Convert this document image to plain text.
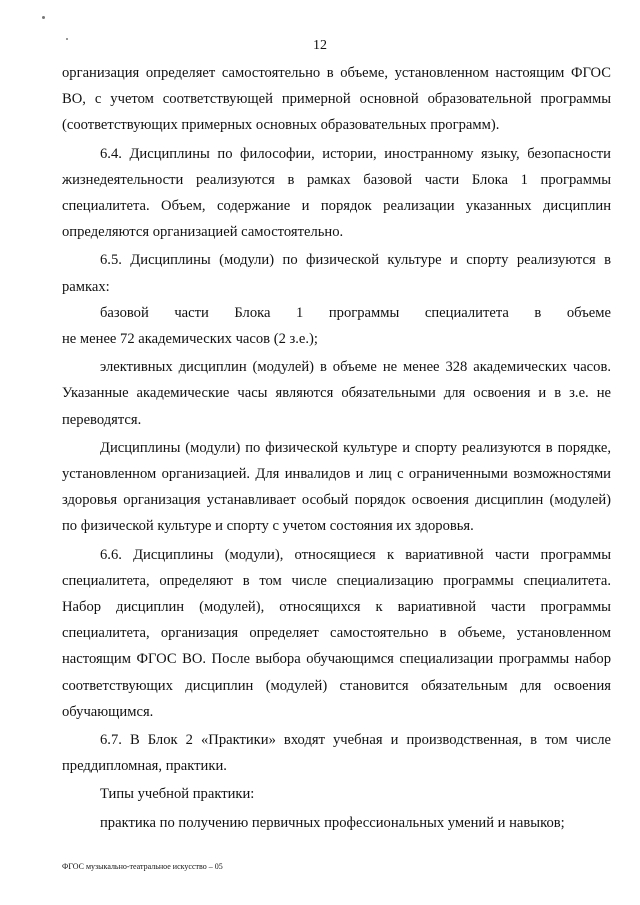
12

организация определяет самостоятельно в объеме, установленном настоящим ФГОС ВО, с учетом соответствующей примерной основной образовательной программы (соответствующих примерных основных образовательных программ).

6.4. Дисциплины по философии, истории, иностранному языку, безопасности жизнедеятельности реализуются в рамках базовой части Блока 1 программы специалитета. Объем, содержание и порядок реализации указанных дисциплин определяются организацией самостоятельно.

6.5. Дисциплины (модули) по физической культуре и спорту реализуются в рамках:

базовой части Блока 1 программы специалитета в объеме

не менее 72 академических часов (2 з.е.);

элективных дисциплин (модулей) в объеме не менее 328 академических часов. Указанные академические часы являются обязательными для освоения и в з.е. не переводятся.

Дисциплины (модули) по физической культуре и спорту реализуются в порядке, установленном организацией. Для инвалидов и лиц с ограниченными возможностями здоровья организация устанавливает особый порядок освоения дисциплин (модулей) по физической культуре и спорту с учетом состояния их здоровья.

6.6. Дисциплины (модули), относящиеся к вариативной части программы специалитета, определяют в том числе специализацию программы специалитета. Набор дисциплин (модулей), относящихся к вариативной части программы специалитета, организация определяет самостоятельно в объеме, установленном настоящим ФГОС ВО. После выбора обучающимся специализации программы набор соответствующих дисциплин (модулей) становится обязательным для освоения обучающимся.

6.7. В Блок 2 «Практики» входят учебная и производственная, в том числе преддипломная, практики.

Типы учебной практики:

практика по получению первичных профессиональных умений и навыков;

ФГОС музыкально-театральное искусство – 05
